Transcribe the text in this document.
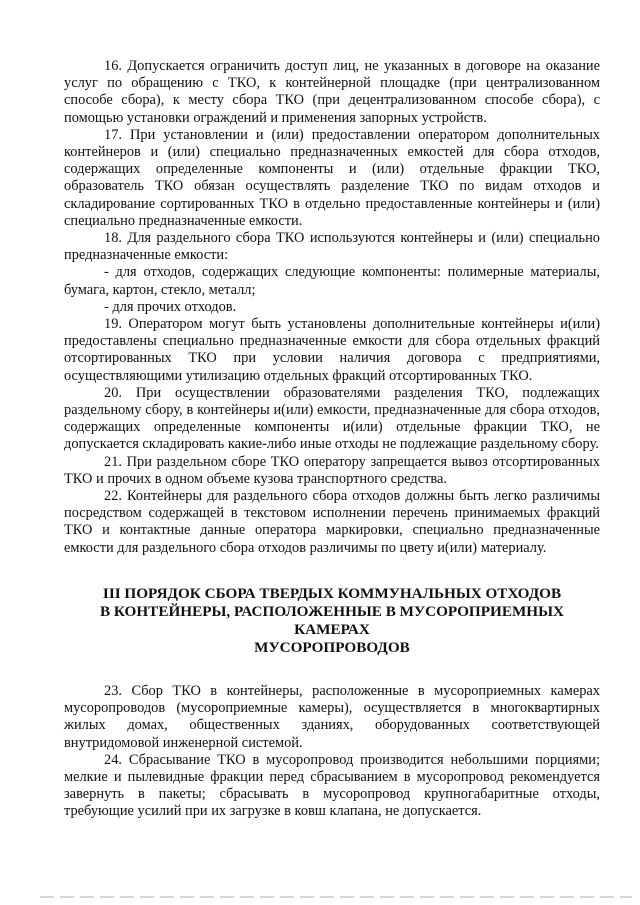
16. Допускается ограничить доступ лиц, не указанных в договоре на оказание услуг по обращению с ТКО, к контейнерной площадке (при централизованном способе сбора), к месту сбора ТКО (при децентрализованном способе сбора), с помощью установки ограждений и применения запорных устройств.

17. При установлении и (или) предоставлении оператором дополнительных контейнеров и (или) специально предназначенных емкостей для сбора отходов, содержащих определенные компоненты и (или) отдельные фракции ТКО, образователь ТКО обязан осуществлять разделение ТКО по видам отходов и складирование сортированных ТКО в отдельно предоставленные контейнеры и (или) специально предназначенные емкости.

18. Для раздельного сбора ТКО используются контейнеры и (или) специально предназначенные емкости:

- для отходов, содержащих следующие компоненты: полимерные материалы, бумага, картон, стекло, металл;

- для прочих отходов.

19. Оператором могут быть установлены дополнительные контейнеры и(или) предоставлены специально предназначенные емкости для сбора отдельных фракций отсортированных ТКО при условии наличия договора с предприятиями, осуществляющими утилизацию отдельных фракций отсортированных ТКО.

20. При осуществлении образователями разделения ТКО, подлежащих раздельному сбору, в контейнеры и(или) емкости, предназначенные для сбора отходов, содержащих определенные компоненты и(или) отдельные фракции ТКО, не допускается складировать какие-либо иные отходы не подлежащие раздельному сбору.

21. При раздельном сборе ТКО оператору запрещается вывоз отсортированных ТКО и прочих в одном объеме кузова транспортного средства.

22. Контейнеры для раздельного сбора отходов должны быть легко различимы посредством содержащей в текстовом исполнении перечень принимаемых фракций ТКО и контактные данные оператора маркировки, специально предназначенные емкости для раздельного сбора отходов различимы по цвету и(или) материалу.

III ПОРЯДОК СБОРА ТВЕРДЫХ КОММУНАЛЬНЫХ ОТХОДОВ
В КОНТЕЙНЕРЫ, РАСПОЛОЖЕННЫЕ В МУСОРОПРИЕМНЫХ КАМЕРАХ
МУСОРОПРОВОДОВ

23. Сбор ТКО в контейнеры, расположенные в мусороприемных камерах мусоропроводов (мусороприемные камеры), осуществляется в многоквартирных жилых домах, общественных зданиях, оборудованных соответствующей внутридомовой инженерной системой.

24. Сбрасывание ТКО в мусоропровод производится небольшими порциями; мелкие и пылевидные фракции перед сбрасыванием в мусоропровод рекомендуется завернуть в пакеты; сбрасывать в мусоропровод крупногабаритные отходы, требующие усилий при их загрузке в ковш клапана, не допускается.
